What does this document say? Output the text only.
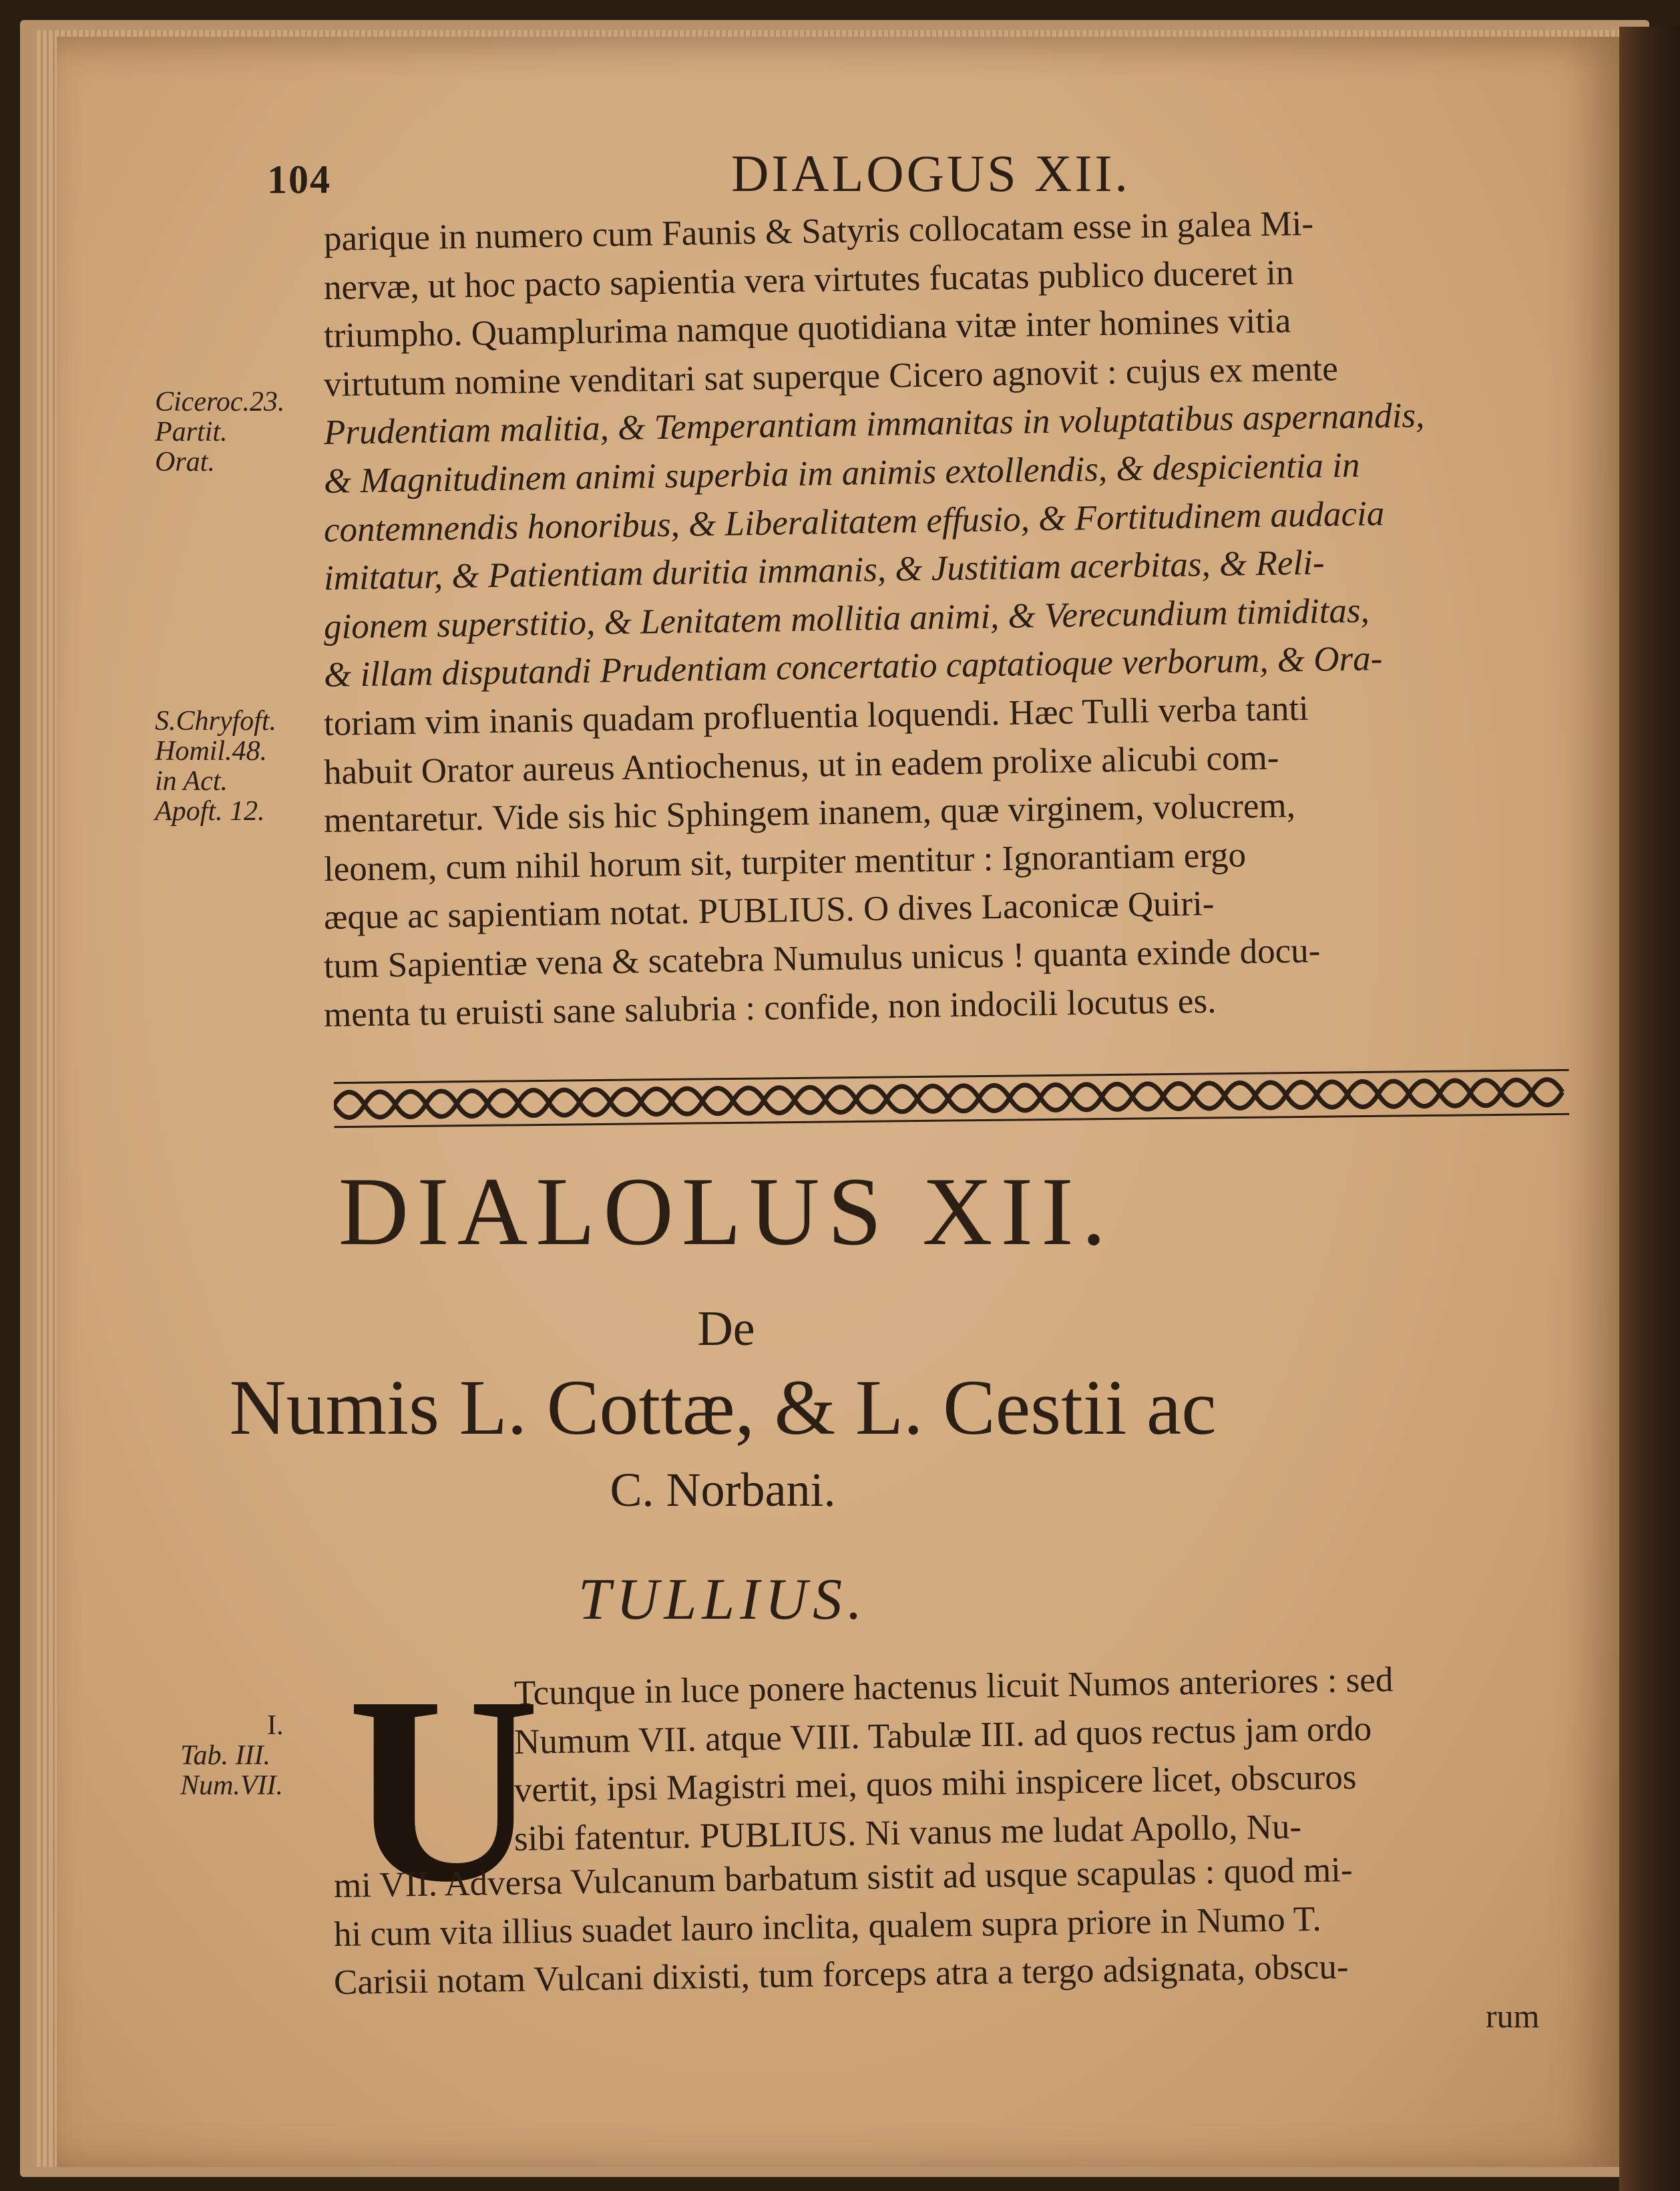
104	DIALOGUS XII.
Ciceroc.23.
Partit.
Orat.
S.Chryfoft.
Homil.48.
in Act.
Apoft. 12.
I.
Tab. III.
Num.VII.
parique in numero cum Faunis & Satyris collocatam esse in galea Mi-
nervæ, ut hoc pacto sapientia vera virtutes fucatas publico duceret in
triumpho. Quamplurima namque quotidiana vitæ inter homines vitia
virtutum nomine venditari sat superque Cicero agnovit : cujus ex mente
Prudentiam malitia, & Temperantiam immanitas in voluptatibus aspernandis,
& Magnitudinem animi superbia im animis extollendis, & despicientia in
contemnendis honoribus, & Liberalitatem effusio, & Fortitudinem audacia
imitatur, & Patientiam duritia immanis, & Justitiam acerbitas, & Reli-
gionem superstitio, & Lenitatem mollitia animi, & Verecundium timiditas,
& illam disputandi Prudentiam concertatio captatioque verborum, & Ora-
toriam vim inanis quadam profluentia loquendi. Hæc Tulli verba tanti
habuit Orator aureus Antiochenus, ut in eadem prolixe alicubi com-
mentaretur. Vide sis hic Sphingem inanem, quæ virginem, volucrem,
leonem, cum nihil horum sit, turpiter mentitur : Ignorantiam ergo
æque ac sapientiam notat. PUBLIUS. O dives Laconicæ Quiri-
tum Sapientiæ vena & scatebra Numulus unicus ! quanta exinde docu-
menta tu eruisti sane salubria : confide, non indocili locutus es.
DIALOLUS XII.
De
Numis L. Cottæ, & L. Cestii ac
C. Norbani.
TULLIUS.
U
Tcunque in luce ponere hactenus licuit Numos anteriores : sed
Numum VII. atque VIII. Tabulæ III. ad quos rectus jam ordo
vertit, ipsi Magistri mei, quos mihi inspicere licet, obscuros
sibi fatentur. PUBLIUS. Ni vanus me ludat Apollo, Nu-
mi VII. Adversa Vulcanum barbatum sistit ad usque scapulas : quod mi-
hi cum vita illius suadet lauro inclita, qualem supra priore in Numo T.
Carisii notam Vulcani dixisti, tum forceps atra a tergo adsignata, obscu-
rum
